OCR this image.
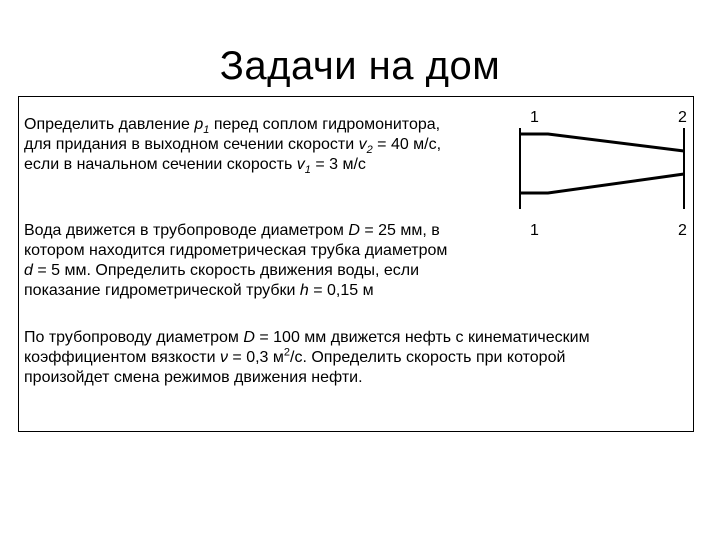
Задачи на дом
Определить давление $p_1$ перед соплом гидромонитора,
для придания в выходном сечении скорости $v_2 = 40$ м/с,
если в начальном сечении скорость $v_1 = 3$ м/с
Вода движется в трубопроводе диаметром D = 25 мм, в
котором находится гидрометрическая трубка диаметром
d = 5 мм. Определить скорость движения воды, если
показание гидрометрической трубки h = 0,15 м
По трубопроводу диаметром D = 100 мм движется нефть с кинематическим
коэффициентом вязкости ν = 0,3 $м^2/с$. Определить скорость при которой
произойдет смена режимов движения нефти.
1	2
1	2
